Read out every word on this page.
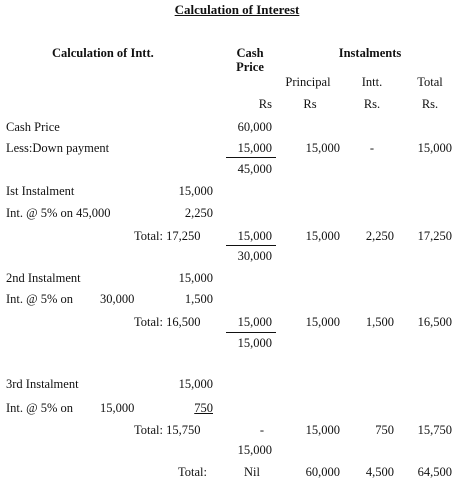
Calculation of Interest
Calculation of Intt.	Cash
Price
Instalments
Principal	Intt.	Total
Rs	Rs	Rs.	Rs.
Cash Price	60,000
Less:Down payment	15,000	15,000	-	15,000
45,000
Ist Instalment	15,000
Int. @ 5% on 45,000	2,250
Total: 17,250	15,000	15,000	2,250	17,250
30,000
2nd Instalment	15,000
Int. @ 5% on 30,000	1,500
Total: 16,500	15,000	15,000	1,500	16,500
15,000
3rd Instalment	15,000
Int. @ 5% on 15,000	750
Total: 15,750	-	15,000	750	15,750
15,000
Total:	Nil	60,000	4,500	64,500
